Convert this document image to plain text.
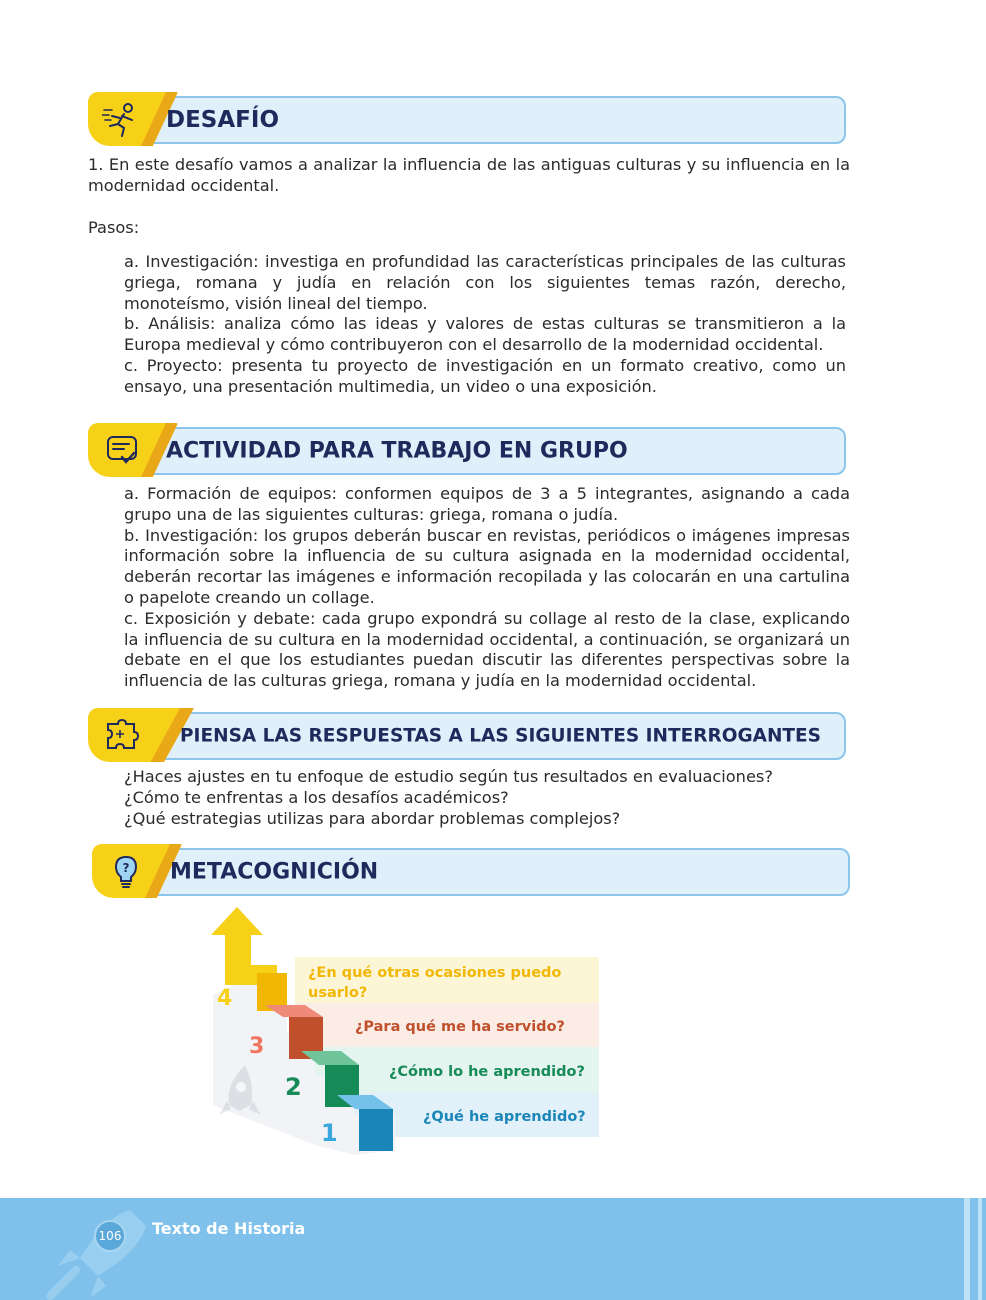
DESAFÍO

1. En este desafío vamos a analizar la influencia de las antiguas culturas y su influencia en la modernidad occidental.

Pasos:

a. Investigación: investiga en profundidad las características principales de las culturas griega, romana y judía en relación con los siguientes temas razón, derecho, monoteísmo, visión lineal del tiempo.

b. Análisis: analiza cómo las ideas y valores de estas culturas se transmitieron a la Europa medieval y cómo contribuyeron con el desarrollo de la modernidad occidental.

c. Proyecto: presenta tu proyecto de investigación en un formato creativo, como un ensayo, una presentación multimedia, un video o una exposición.

ACTIVIDAD PARA TRABAJO EN GRUPO

a. Formación de equipos: conformen equipos de 3 a 5 integrantes, asignando a cada grupo una de las siguientes culturas: griega, romana o judía.

b. Investigación: los grupos deberán buscar en revistas, periódicos o imágenes impresas información sobre la influencia de su cultura asignada en la modernidad occidental, deberán recortar las imágenes e información recopilada y las colocarán en una cartulina o papelote creando un collage.

c. Exposición y debate: cada grupo expondrá su collage al resto de la clase, explicando la influencia de su cultura en la modernidad occidental, a continuación, se organizará un debate en el que los estudiantes puedan discutir las diferentes perspectivas sobre la influencia de las culturas griega, romana y judía en la modernidad occidental.

PIENSA LAS RESPUESTAS A LAS SIGUIENTES INTERROGANTES

¿Haces ajustes en tu enfoque de estudio según tus resultados en evaluaciones?

¿Cómo te enfrentas a los desafíos académicos?

¿Qué estrategias utilizas para abordar problemas complejos?

? METACOGNICIÓN
4
3
2
1
¿En qué otras ocasiones puedo
usarlo?
¿Para qué me ha servido?
¿Cómo lo he aprendido?
¿Qué he aprendido?
106 Texto de Historia
